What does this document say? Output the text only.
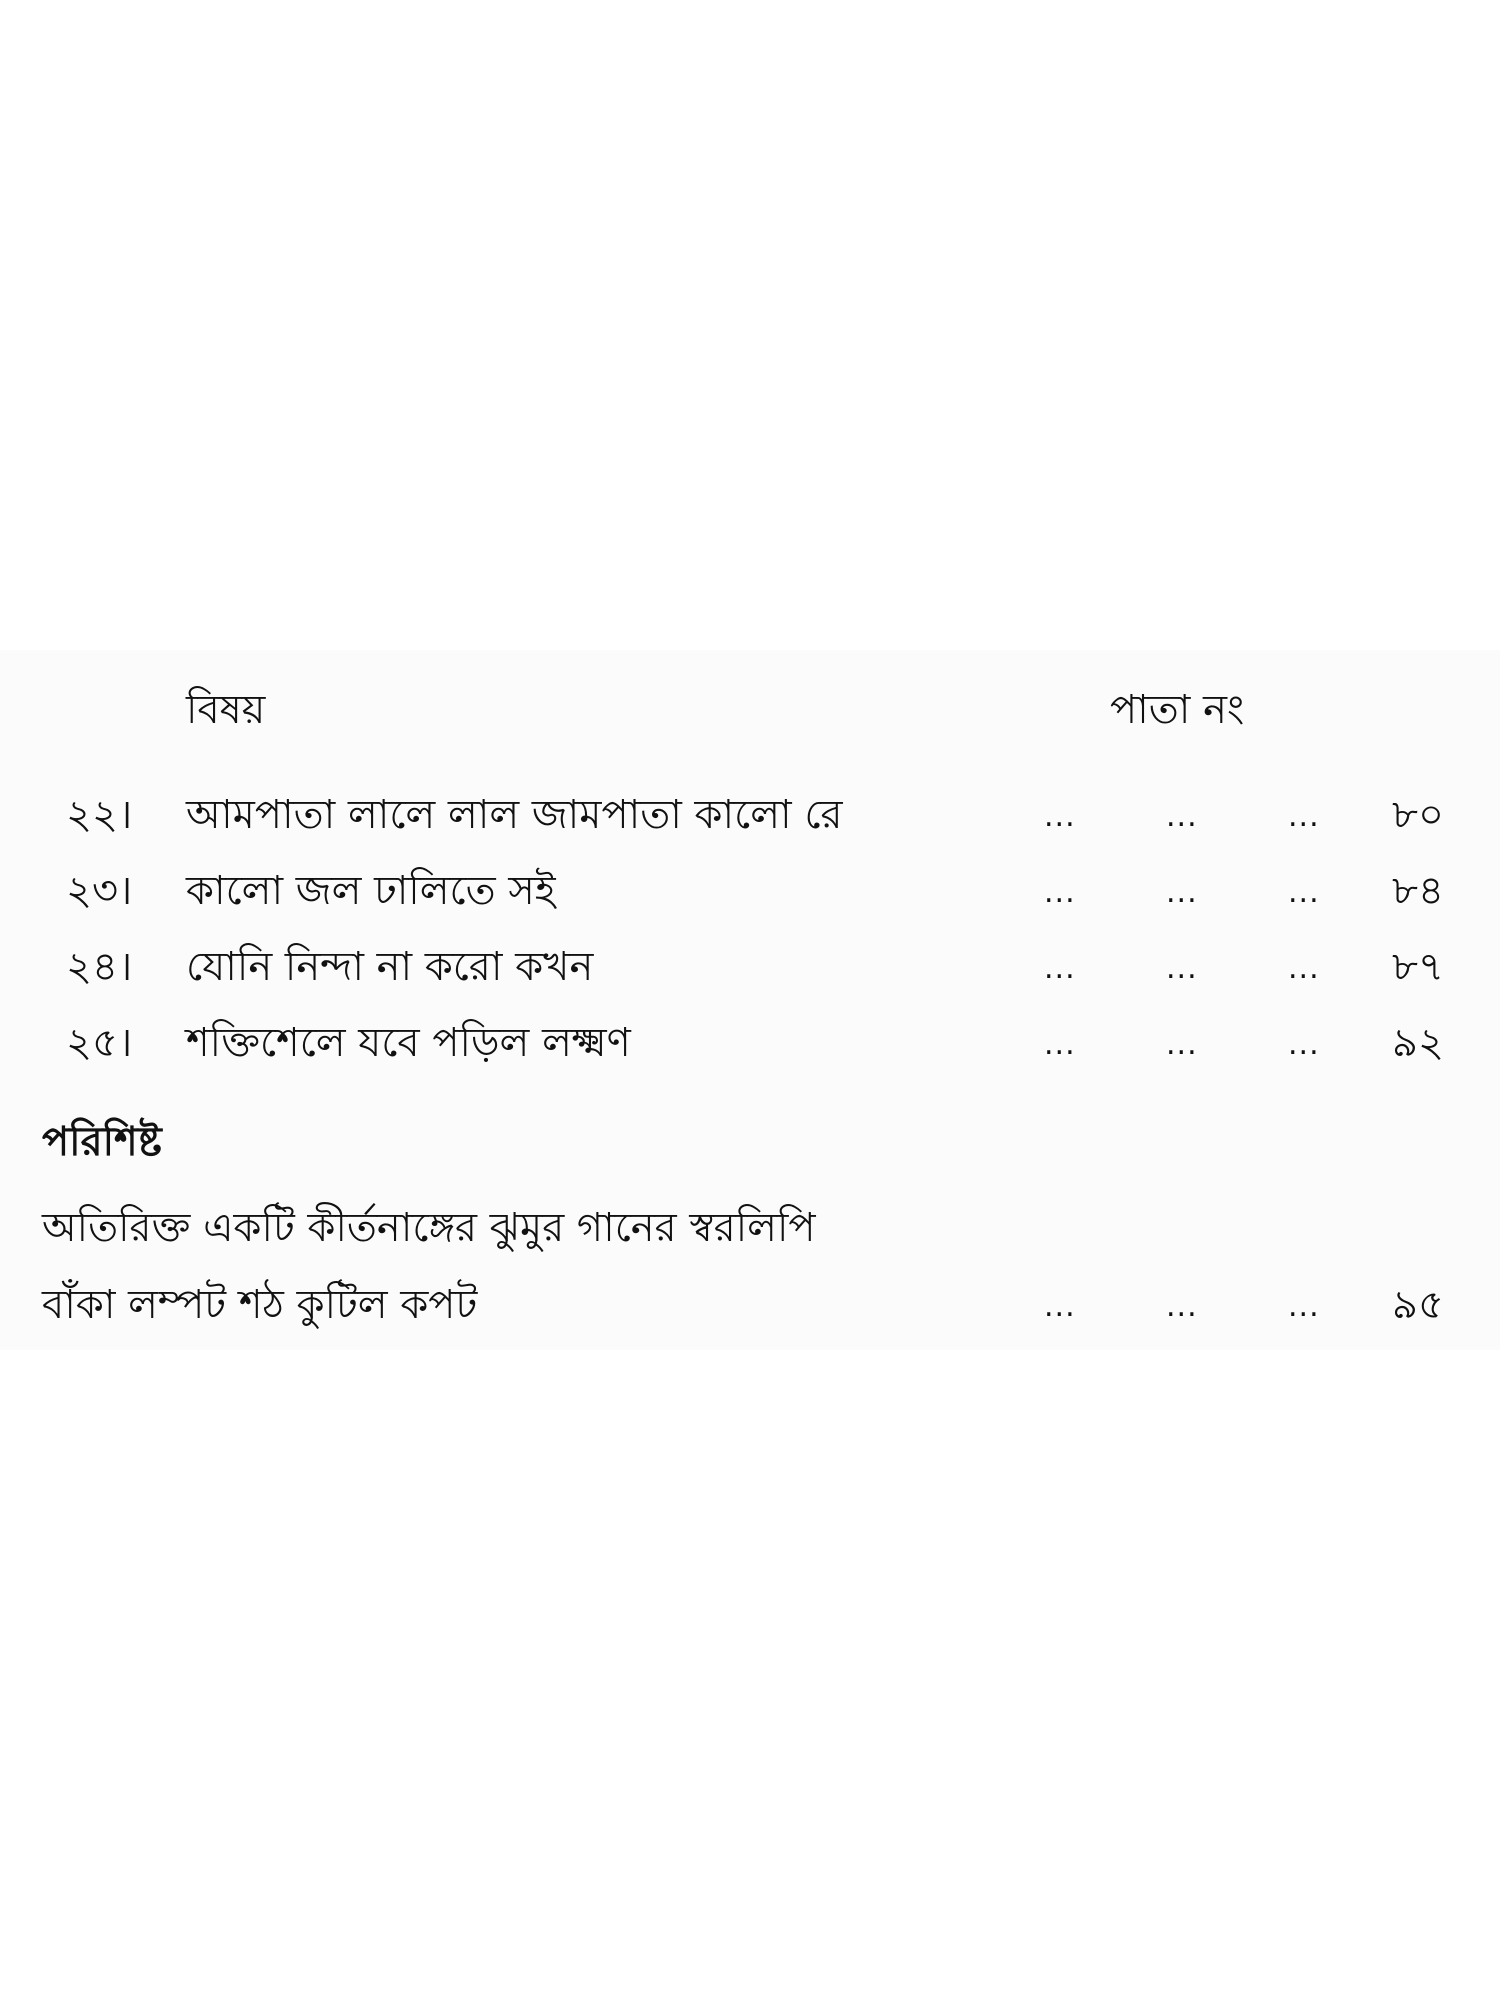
বিষয়	পাতা নং
২২। আমপাতা লালে লাল জামপাতা কালো রে	...	...	... ৮০
২৩। কালো জল ঢালিতে সই	...	...	... ৮৪
২৪। যোনি নিন্দা না করো কখন	...	...	... ৮৭
২৫। শক্তিশেলে যবে পড়িল লক্ষ্মণ	...	...	... ৯২
পরিশিষ্ট
অতিরিক্ত একটি কীর্তনাঙ্গের ঝুমুর গানের স্বরলিপি
বাঁকা লম্পট শঠ কুটিল কপট	...	...	... ৯৫
